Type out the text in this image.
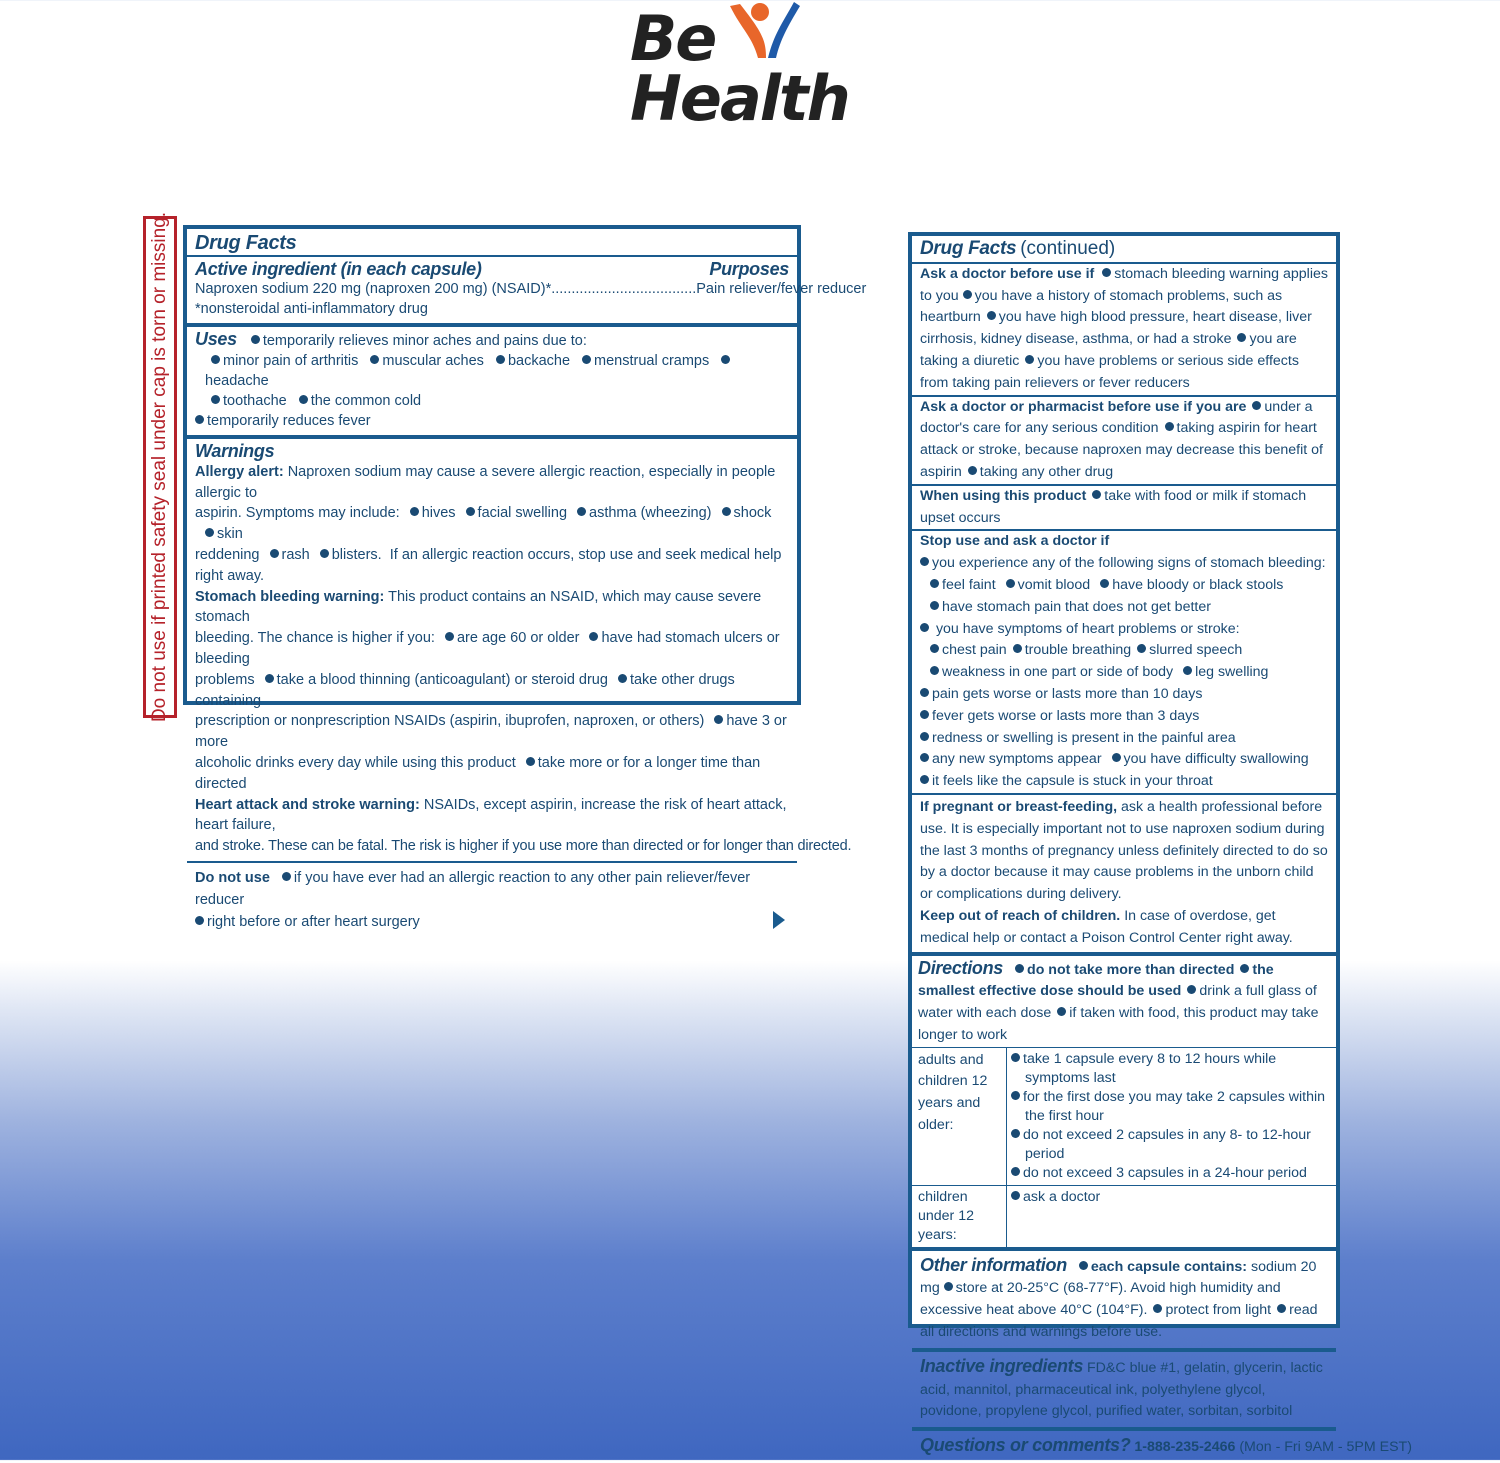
Be
Health
Do not use if printed safety seal under cap is torn or missing. Drug Facts
Active ingredient (in each capsule)	Purposes

Naproxen sodium 220 mg (naproxen 200 mg) (NSAID)*....................................Pain reliever/fever reducer

*nonsteroidal anti-inflammatory drug

Uses temporarily relieves minor aches and pains due to:

minor pain of arthritis muscular aches backache menstrual crampsheadache

toothache the common cold

temporarily reduces fever

Warnings

Allergy alert: Naproxen sodium may cause a severe allergic reaction, especially in people allergic to

aspirin. Symptoms may include: hives facial swelling asthma (wheezing) shockskin

reddening rash blisters. If an allergic reaction occurs, stop use and seek medical help right away.

Stomach bleeding warning: This product contains an NSAID, which may cause severe stomach

bleeding. The chance is higher if you: are age 60 or older have had stomach ulcers or bleeding

problems take a blood thinning (anticoagulant) or steroid drug take other drugs containing

prescription or nonprescription NSAIDs (aspirin, ibuprofen, naproxen, or others) have 3 or more

alcoholic drinks every day while using this product take more or for a longer time than directed

Heart attack and stroke warning: NSAIDs, except aspirin, increase the risk of heart attack, heart failure,

and stroke. These can be fatal. The risk is higher if you use more than directed or for longer than directed.

Do not use if you have ever had an allergic reaction to any other pain reliever/fever reducer

right before or after heart surgery

Drug Facts (continued)

Ask a doctor before use if stomach bleeding warning applies to you you have a history of stomach problems, such as heartburn you have high blood pressure, heart disease, liver cirrhosis, kidney disease, asthma, or had a stroke you are taking a diuretic you have problems or serious side effects from taking pain relievers or fever reducers

Ask a doctor or pharmacist before use if you are under a doctor's care for any serious condition taking aspirin for heart attack or stroke, because naproxen may decrease this benefit of aspirin taking any other drug

When using this product take with food or milk if stomach upset occurs

Stop use and ask a doctor if

you experience any of the following signs of stomach bleeding:

feel faint vomit blood have bloody or black stools

have stomach pain that does not get better

you have symptoms of heart problems or stroke:

chest pain trouble breathing slurred speech

weakness in one part or side of body leg swelling

pain gets worse or lasts more than 10 days

fever gets worse or lasts more than 3 days

redness or swelling is present in the painful area

any new symptoms appear you have difficulty swallowing

it feels like the capsule is stuck in your throat

If pregnant or breast-feeding, ask a health professional before use. It is especially important not to use naproxen sodium during the last 3 months of pregnancy unless definitely directed to do so by a doctor because it may cause problems in the unborn child or complications during delivery.

Keep out of reach of children. In case of overdose, get medical help or contact a Poison Control Center right away.

Directions do not take more than directed the smallest effective dose should be used drink a full glass of water with each dose if taken with food, this product may take longer to work

adults and children 12 years and older:

take 1 capsule every 8 to 12 hours while symptoms last

for the first dose you may take 2 capsules within the first hour

do not exceed 2 capsules in any 8- to 12-hour period

do not exceed 3 capsules in a 24-hour period

children under 12 years:

ask a doctor

Other information each capsule contains: sodium 20 mg store at 20-25°C (68-77°F). Avoid high humidity and excessive heat above 40°C (104°F). protect from light read all directions and warnings before use.

Inactive ingredients FD&C blue #1, gelatin, glycerin, lactic acid, mannitol, pharmaceutical ink, polyethylene glycol, povidone, propylene glycol, purified water, sorbitan, sorbitol

Questions or comments? 1-888-235-2466 (Mon - Fri 9AM - 5PM EST)
